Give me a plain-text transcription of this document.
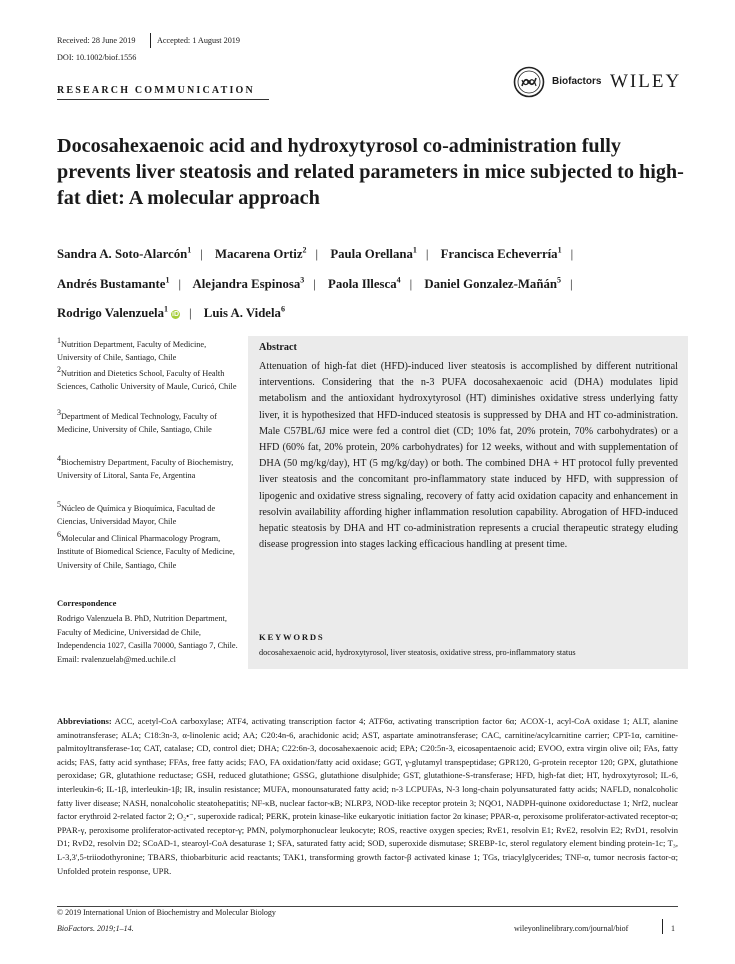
Received: 28 June 2019	Accepted: 1 August 2019
DOI: 10.1002/biof.1556
RESEARCH COMMUNICATION
Biofactors WILEY
Docosahexaenoic acid and hydroxytyrosol co-administration fully prevents liver steatosis and related parameters in mice subjected to high-fat diet: A molecular approach
Sandra A. Soto-Alarcón$^1$ | Macarena Ortiz$^2$ | Paula Orellana$^1$ | Francisca Echeverría$^1$ |
Andrés Bustamante$^1$ | Alejandra Espinosa$^3$ | Paola Illesca$^4$ | Daniel Gonzalez-Mañán$^5$ |
Rodrigo Valenzuela$^1$iD | Luis A. Videla$^6$
$^1$Nutrition Department, Faculty of Medicine, University of Chile, Santiago, Chile
$^2$Nutrition and Dietetics School, Faculty of Health Sciences, Catholic University of Maule, Curicó, Chile
$^3$Department of Medical Technology, Faculty of Medicine, University of Chile, Santiago, Chile
$^4$Biochemistry Department, Faculty of Biochemistry, University of Litoral, Santa Fe, Argentina
$^5$Núcleo de Química y Bioquímica, Facultad de Ciencias, Universidad Mayor, Chile
$^6$Molecular and Clinical Pharmacology Program, Institute of Biomedical Science, Faculty of Medicine, University of Chile, Santiago, Chile
Correspondence
Rodrigo Valenzuela B. PhD, Nutrition Department, Faculty of Medicine, Universidad de Chile, Independencia 1027, Casilla 70000, Santiago 7, Chile. Email: rvalenzuelab@med.uchile.cl
Abstract
Attenuation of high-fat diet (HFD)-induced liver steatosis is accomplished by different nutritional interventions. Considering that the n-3 PUFA docosahexaenoic acid (DHA) modulates lipid metabolism and the antioxidant hydroxytyrosol (HT) diminishes oxidative stress underlying fatty liver, it is hypothesized that HFD-induced steatosis is suppressed by DHA and HT co-administration. Male C57BL/6J mice were fed a control diet (CD; 10% fat, 20% protein, 70% carbohydrates) or a HFD (60% fat, 20% protein, 20% carbohydrates) for 12 weeks, without and with supplementation of DHA (50 mg/kg/day), HT (5 mg/kg/day) or both. The combined DHA + HT protocol fully prevented liver steatosis and the concomitant pro-inflammatory state induced by HFD, with suppression of lipogenic and oxidative stress signaling, recovery of fatty acid oxidation capacity and enhancement in resolvin availability affording higher inflammation resolution capability. Abrogation of HFD-induced hepatic steatosis by DHA and HT co-administration represents a crucial therapeutic strategy eluding disease progression into stages lacking efficacious handling at present time.
KEYWORDS
docosahexaenoic acid, hydroxytyrosol, liver steatosis, oxidative stress, pro-inflammatory status
Abbreviations: ACC, acetyl-CoA carboxylase; ATF4, activating transcription factor 4; ATF6α, activating transcription factor 6α; ACOX-1, acyl-CoA oxidase 1; ALT, alanine aminotransferase; ALA; C18:3n-3, α-linolenic acid; AA; C20:4n-6, arachidonic acid; AST, aspartate aminotransferase; CAC, carnitine/acylcarnitine carrier; CPT-1α, carnitine-palmitoyltransferase-1α; CAT, catalase; CD, control diet; DHA; C22:6n-3, docosahexaenoic acid; EPA; C20:5n-3, eicosapentaenoic acid; EVOO, extra virgin olive oil; FAs, fatty acids; FAS, fatty acid synthase; FFAs, free fatty acids; FAO, FA oxidation/fatty acid oxidase; GGT, γ-glutamyl transpeptidase; GPR120, G-protein receptor 120; GPX, glutathione peroxidase; GR, glutathione reductase; GSH, reduced glutathione; GSSG, glutathione disulphide; GST, glutathione-S-transferase; HFD, high-fat diet; HT, hydroxytyrosol; IL-6, interleukin-6; IL-1β, interleukin-1β; IR, insulin resistance; MUFA, monounsaturated fatty acid; n-3 LCPUFAs, N-3 long-chain polyunsaturated fatty acids; NAFLD, nonalcoholic fatty liver disease; NASH, nonalcoholic steatohepatitis; NF-κB, nuclear factor-κB; NLRP3, NOD-like receptor protein 3; NQO1, NADPH-quinone oxidoreductase 1; Nrf2, nuclear factor erythroid 2-related factor 2; O₂•⁻, superoxide radical; PERK, protein kinase-like eukaryotic initiation factor 2α kinase; PPAR-α, peroxisome proliferator-activated receptor-α; PPAR-γ, peroxisome proliferator-activated receptor-γ; PMN, polymorphonuclear leukocyte; ROS, reactive oxygen species; RvE1, resolvin E1; RvE2, resolvin E2; RvD1, resolvin D1; RvD2, resolvin D2; SCoAD-1, stearoyl-CoA desaturase 1; SFA, saturated fatty acid; SOD, superoxide dismutase; SREBP-1c, sterol regulatory element binding protein-1c; T₃, L-3,3',5-triiodothyronine; TBARS, thiobarbituric acid reactants; TAK1, transforming growth factor-β activated kinase 1; TGs, triacylglycerides; TNF-α, tumor necrosis factor-α; Unfolded protein response, UPR.
© 2019 International Union of Biochemistry and Molecular Biology
BioFactors. 2019;1–14.	wileyonlinelibrary.com/journal/biof	1
